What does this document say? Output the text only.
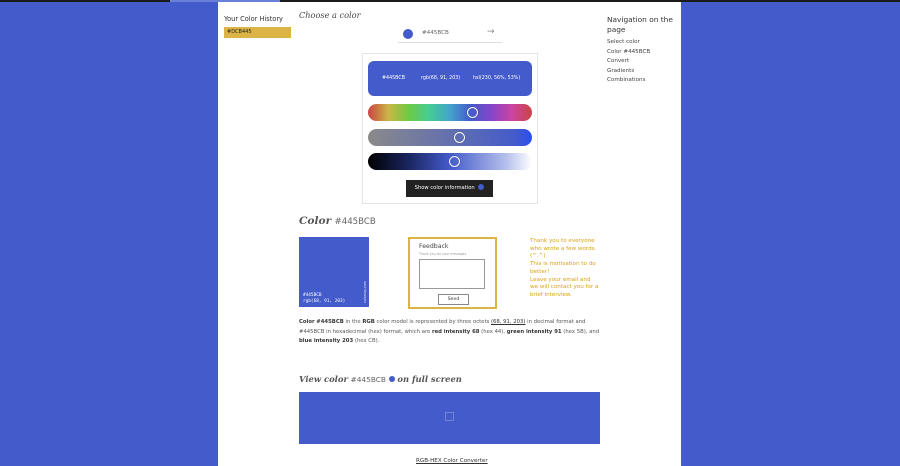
Your Color History
#DCB445
Navigation on the page
Select color
Color #445BCB
Convert
Gradients
Combinations
Choose a color
#445BCB	→
#445BCB	rgb(68, 91, 203)	hsl(230, 56%, 53%)
Show color information
Color #445BCB
#445BCB
rgb(68, 91, 203)	colorsay.com
Feedback
Thank you for your messages
Send
Thank you to everyone who wrote a few words. (^.^)
This is motivation to do better!
Leave your email and we will contact you for a brief interview.
Color #445BCB in the RGB color model is represented by three octets (68, 91, 203) in decimal format and #445BCB in hexadecimal (hex) format, which are red intensity 68 (hex 44), green intensity 91 (hex 5B), and blue intensity 203 (hex CB).
View color #445BCB on full screen
RGB-HEX Color Converter
